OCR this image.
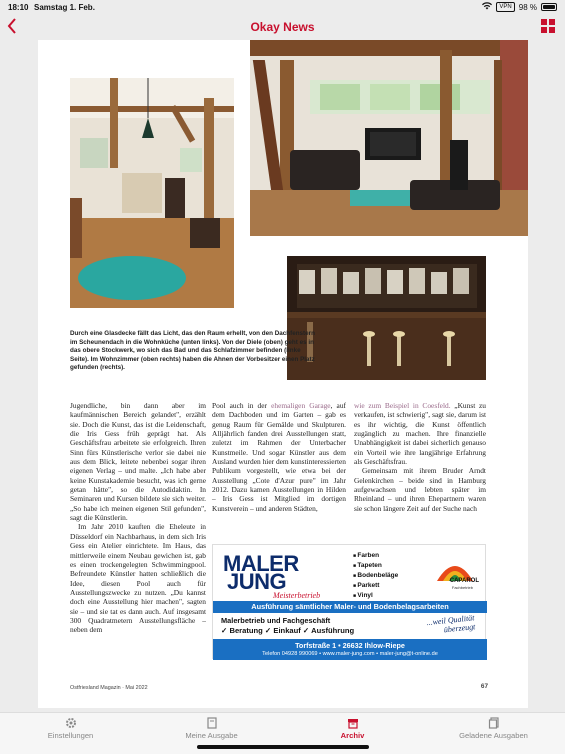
18:10 Samstag 1. Feb.	VPN 98 %
Okay News
Durch eine Glasdecke fällt das Licht, das den Raum erhellt, von den Dachfenstern im Scheunendach in die Wohnküche (unten links). Von der Diele (oben) geht es in das obere Stockwerk, wo sich das Bad und das Schlafzimmer befinden (linke Seite). Im Wohnzimmer (oben rechts) haben die Ahnen der Vorbesitzer einen Platz gefunden (rechts).

Jugendliche, bin dann aber im kaufmännischen Bereich gelandet", erzählt sie. Doch die Kunst, das ist die Leidenschaft, die Iris Gess früh geprägt hat. Als Geschäftsfrau arbeitete sie erfolgreich. Ihren Sinn fürs Künstlerische verlor sie dabei nie aus dem Blick, leitete nebenbei sogar ihren eigenen Verlag – und malte. „Ich habe aber keine Kunstakademie besucht, was ich gerne getan hätte", so die Autodidaktin. In Seminaren und Kursen bildete sie sich weiter. „So habe ich meinen eigenen Stil gefunden", sagt die Künstlerin.

Im Jahr 2010 kauften die Eheleute in Düsseldorf ein Nachbarhaus, in dem sich Iris Gess ein Atelier einrichtete. Im Haus, das mittlerweile einem Neubau gewichen ist, gab es einen trockengelegten Schwimmingpool. Befreundete Künstler hatten schließlich die Idee, diesen Pool auch für Ausstellungszwecke zu nutzen. „Du kannst doch eine Ausstellung hier machen", sagten sie – und sie tat es dann auch. Auf insgesamt 300 Quadratmetern Ausstellungsfläche – neben dem

Pool auch in der ehemaligen Garage, auf dem Dachboden und im Garten – gab es genug Raum für Gemälde und Skulpturen. Alljährlich fanden drei Ausstellungen statt, zuletzt im Rahmen der Unterbacher Kunstmeile. Und sogar Künstler aus dem Ausland wurden hier dem kunstinteressierten Publikum vorgestellt, wie etwa bei der Ausstellung „Cote d'Azur pure" im Jahr 2012. Dazu kamen Ausstellungen in Hilden – Iris Gess ist Mitglied im dortigen Kunstverein – und anderen Städten,

wie zum Beispiel in Coesfeld. „Kunst zu verkaufen, ist schwierig", sagt sie, darum ist es ihr wichtig, die Kunst öffentlich zugänglich zu machen. Ihre finanzielle Unabhängigkeit ist dabei sicherlich genauso ein Vorteil wie ihre langjährige Erfahrung als Geschäftsfrau.

Gemeinsam mit ihrem Bruder Arndt Gelenkirchen – beide sind in Hamburg aufgewachsen und lebten später im Rheinland – und ihren Ehepartnern waren sie schon längere Zeit auf der Suche nach

MALER
JUNG
Meisterbetrieb
■ Farben
■ Tapeten
■ Bodenbeläge
■ Parkett
■ Vinyl
CAPAROL
Fachbetrieb
Ausführung sämtlicher Maler- und Bodenbelagsarbeiten
Malerbetrieb und Fachgeschäft
✓ Beratung ✓ Einkauf ✓ Ausführung
...weil Qualität überzeugt
Torfstraße 1 • 26632 Ihlow-Riepe
Telefon 04928 990069 • www.maler-jung.com • maler-jung@t-online.de
Ostfriesland Magazin · Mai 2022	67
Einstellungen	Meine Ausgabe	Archiv	Geladene Ausgaben
